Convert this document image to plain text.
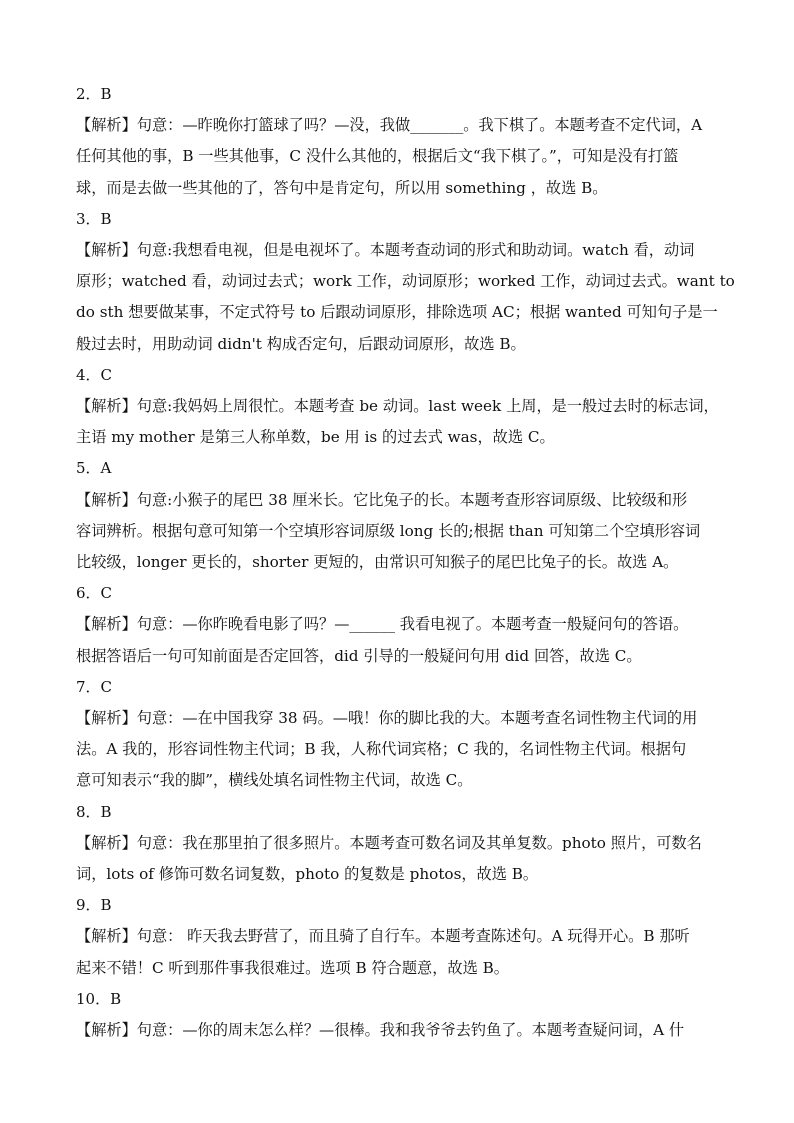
2．B
【解析】句意：—昨晚你打篮球了吗？—没，我做_______。我下棋了。本题考查不定代词，A
任何其他的事，B 一些其他事，C 没什么其他的，根据后文“我下棋了。”，可知是没有打篮
球，而是去做一些其他的了，答句中是肯定句，所以用 something ，故选 B。
3．B
【解析】句意:我想看电视，但是电视坏了。本题考查动词的形式和助动词。watch 看，动词
原形；watched 看，动词过去式；work 工作，动词原形；worked 工作，动词过去式。want to
do sth 想要做某事，不定式符号 to 后跟动词原形，排除选项 AC；根据 wanted 可知句子是一
般过去时，用助动词 didn't 构成否定句，后跟动词原形，故选 B。
4．C
【解析】句意:我妈妈上周很忙。本题考查 be 动词。last week 上周，是一般过去时的标志词，
主语 my mother 是第三人称单数，be 用 is 的过去式 was，故选 C。
5．A
【解析】句意:小猴子的尾巴 38 厘米长。它比兔子的长。本题考查形容词原级、比较级和形
容词辨析。根据句意可知第一个空填形容词原级 long 长的;根据 than 可知第二个空填形容词
比较级，longer 更长的，shorter 更短的，由常识可知猴子的尾巴比兔子的长。故选 A。
6．C
【解析】句意：—你昨晚看电影了吗？—______ 我看电视了。本题考查一般疑问句的答语。
根据答语后一句可知前面是否定回答，did 引导的一般疑问句用 did 回答，故选 C。
7．C
【解析】句意：—在中国我穿 38 码。—哦！你的脚比我的大。本题考查名词性物主代词的用
法。A 我的，形容词性物主代词；B 我，人称代词宾格；C 我的，名词性物主代词。根据句
意可知表示“我的脚”，横线处填名词性物主代词，故选 C。
8．B
【解析】句意：我在那里拍了很多照片。本题考查可数名词及其单复数。photo 照片，可数名
词，lots of 修饰可数名词复数，photo 的复数是 photos，故选 B。
9．B
【解析】句意： 昨天我去野营了，而且骑了自行车。本题考查陈述句。A 玩得开心。B 那听
起来不错！C 听到那件事我很难过。选项 B 符合题意，故选 B。
10．B
【解析】句意：—你的周末怎么样？—很棒。我和我爷爷去钓鱼了。本题考查疑问词，A 什
